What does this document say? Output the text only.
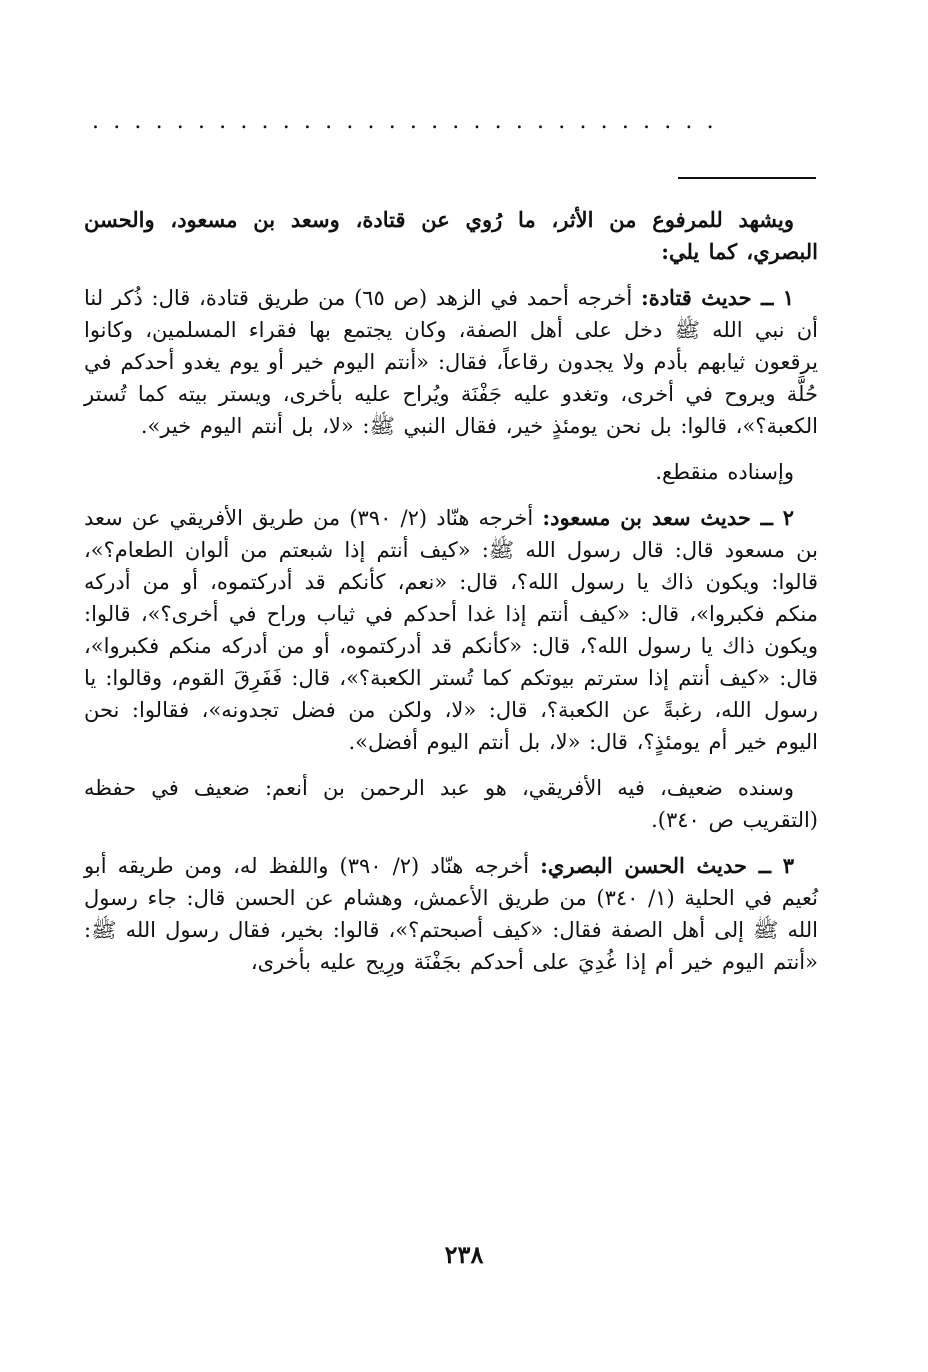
..............................

ويشهد للمرفوع من الأثر، ما رُوي عن قتادة، وسعد بن مسعود، والحسن البصري، كما يلي:

١ ــ حديث قتادة: أخرجه أحمد في الزهد (ص ٦٥) من طريق قتادة، قال: ذُكر لنا أن نبي الله ﷺ دخل على أهل الصفة، وكان يجتمع بها فقراء المسلمين، وكانوا يرقعون ثيابهم بأدم ولا يجدون رقاعاً، فقال: «أنتم اليوم خير أو يوم يغدو أحدكم في حُلَّة ويروح في أخرى، وتغدو عليه جَفْنَة ويُراح عليه بأخرى، ويستر بيته كما تُستر الكعبة؟»، قالوا: بل نحن يومئذٍ خير، فقال النبي ﷺ: «لا، بل أنتم اليوم خير».

وإسناده منقطع.

٢ ــ حديث سعد بن مسعود: أخرجه هنّاد (٢/ ٣٩٠) من طريق الأفريقي عن سعد بن مسعود قال: قال رسول الله ﷺ: «كيف أنتم إذا شبعتم من ألوان الطعام؟»، قالوا: ويكون ذاك يا رسول الله؟، قال: «نعم، كأنكم قد أدركتموه، أو من أدركه منكم فكبروا»، قال: «كيف أنتم إذا غدا أحدكم في ثياب وراح في أخرى؟»، قالوا: ويكون ذاك يا رسول الله؟، قال: «كأنكم قد أدركتموه، أو من أدركه منكم فكبروا»، قال: «كيف أنتم إذا سترتم بيوتكم كما تُستر الكعبة؟»، قال: فَفَرِقَ القوم، وقالوا: يا رسول الله، رغبةً عن الكعبة؟، قال: «لا، ولكن من فضل تجدونه»، فقالوا: نحن اليوم خير أم يومئذٍ؟، قال: «لا، بل أنتم اليوم أفضل».

وسنده ضعيف، فيه الأفريقي، هو عبد الرحمن بن أنعم: ضعيف في حفظه (التقريب ص ٣٤٠).

٣ ــ حديث الحسن البصري: أخرجه هنّاد (٢/ ٣٩٠) واللفظ له، ومن طريقه أبو نُعيم في الحلية (١/ ٣٤٠) من طريق الأعمش، وهشام عن الحسن قال: جاء رسول الله ﷺ إلى أهل الصفة فقال: «كيف أصبحتم؟»، قالوا: بخير، فقال رسول الله ﷺ: «أنتم اليوم خير أم إذا غُدِيَ على أحدكم بجَفْنَة ورِيح عليه بأخرى،

٢٣٨
